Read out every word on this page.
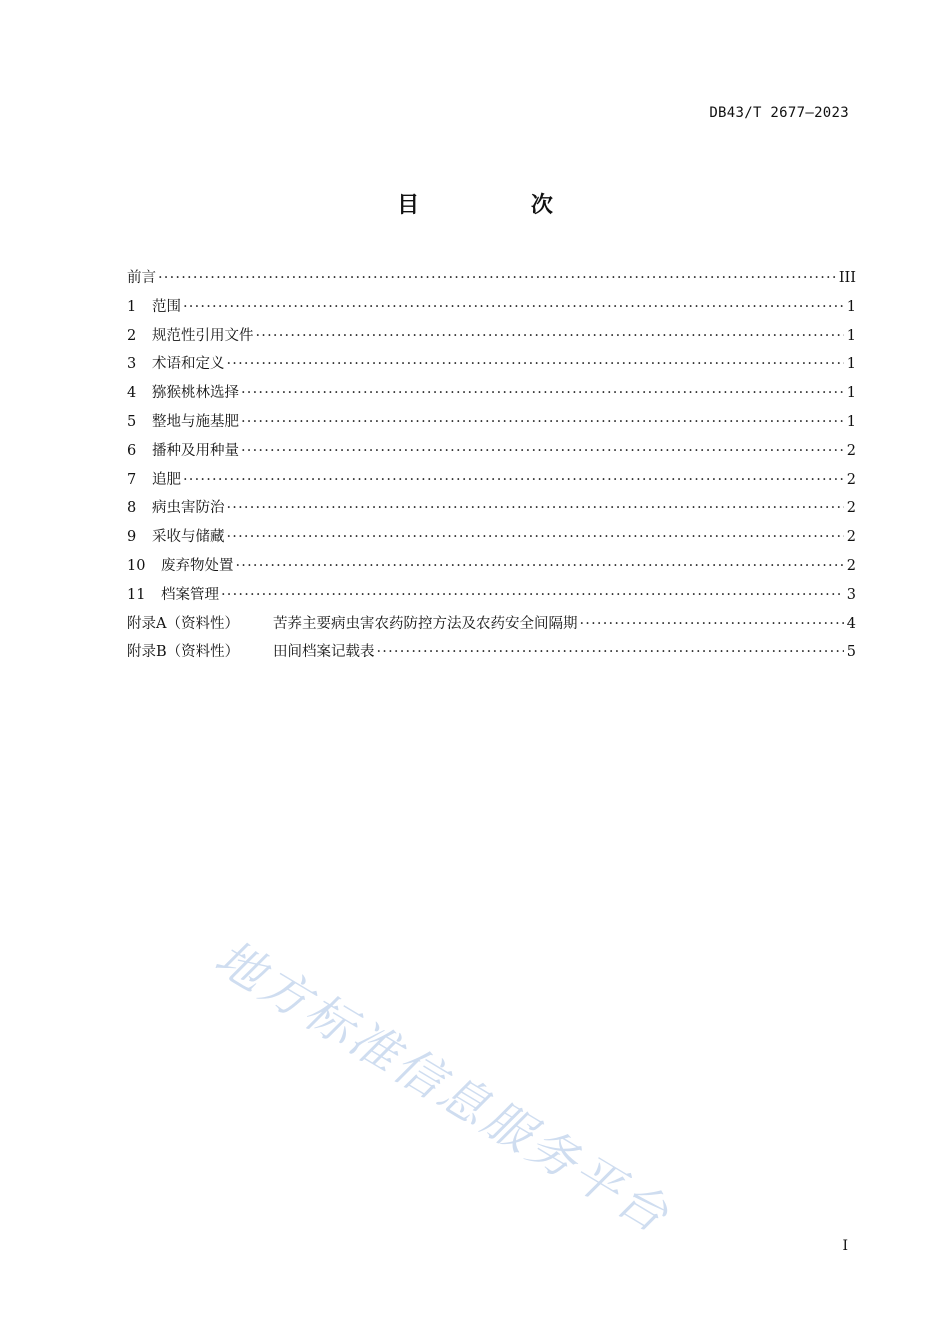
DB43/T 2677—2023
目 次
前言 ·····	III
1	范围 ·····	1
2	规范性引用文件 ·····	1
3	术语和定义 ·····	1
4	猕猴桃林选择 ·····	1
5	整地与施基肥 ·····	1
6	播种及用种量 ·····	2
7	追肥 ·····	2
8	病虫害防治 ·····	2
9	采收与储藏 ·····	2
10	废弃物处置 ·····	2
11	档案管理 ·····	3
附录A（资料性）	苦荞主要病虫害农药防控方法及农药安全间隔期 ·····	4
附录B（资料性）	田间档案记载表 ·····	5
地方标准信息服务平台
I
